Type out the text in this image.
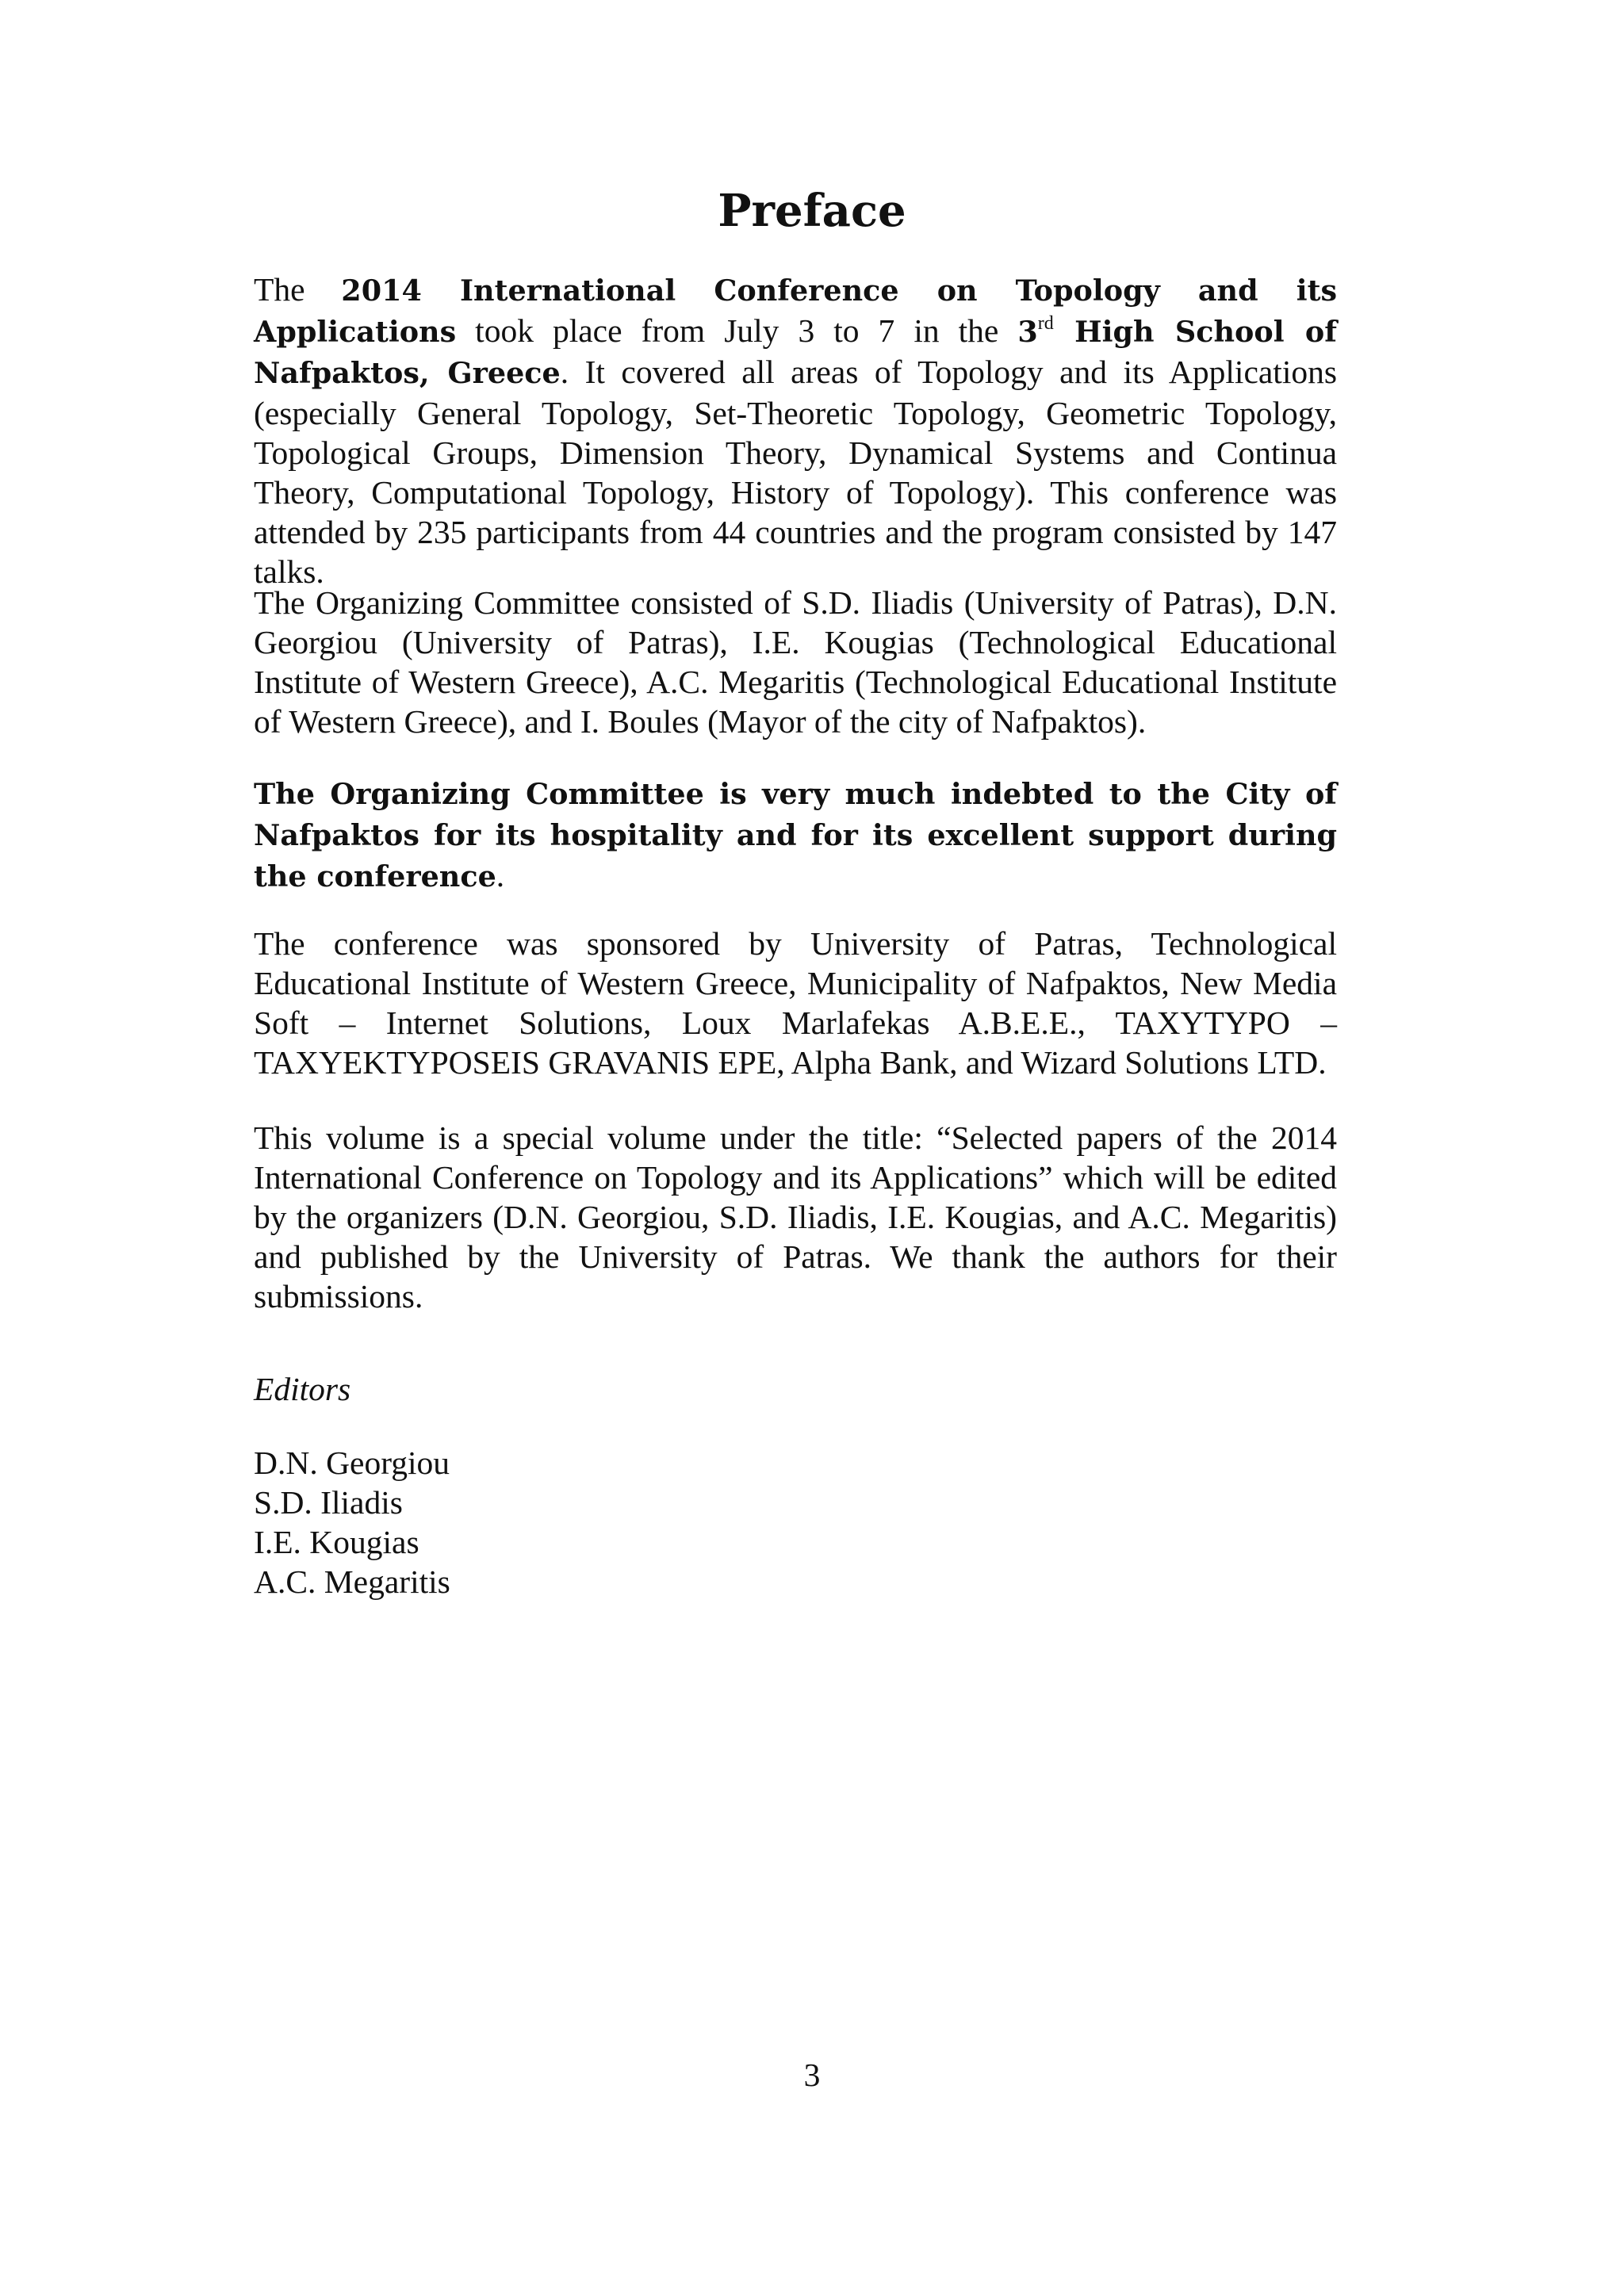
Preface

The 2014 International Conference on Topology and its Applications took place from July 3 to 7 in the 3rd High School of Nafpaktos, Greece. It covered all areas of Topology and its Applications (especially General Topology, Set-Theoretic Topology, Geometric Topology, Topological Groups, Dimension Theory, Dynamical Systems and Continua Theory, Computational Topology, History of Topology). This conference was attended by 235 participants from 44 countries and the program consisted by 147 talks.

The Organizing Committee consisted of S.D. Iliadis (University of Patras), D.N. Georgiou (University of Patras), I.E. Kougias (Technological Educational Institute of Western Greece), A.C. Megaritis (Technological Educational Institute of Western Greece), and I. Boules (Mayor of the city of Nafpaktos).

The Organizing Committee is very much indebted to the City of Nafpaktos for its hospitality and for its excellent support during the conference.

The conference was sponsored by University of Patras, Technological Educational Institute of Western Greece, Municipality of Nafpaktos, New Media Soft – Internet Solutions, Loux Marlafekas A.B.E.E., TAXYTYPO – TAXYEKTYPOSEIS GRAVANIS EPE, Alpha Bank, and Wizard Solutions LTD.

This volume is a special volume under the title: “Selected papers of the 2014 International Conference on Topology and its Applications” which will be edited by the organizers (D.N. Georgiou, S.D. Iliadis, I.E. Kougias, and A.C. Megaritis) and published by the University of Patras. We thank the authors for their submissions.

Editors

D.N. Georgiou
S.D. Iliadis
I.E. Kougias
A.C. Megaritis

3
